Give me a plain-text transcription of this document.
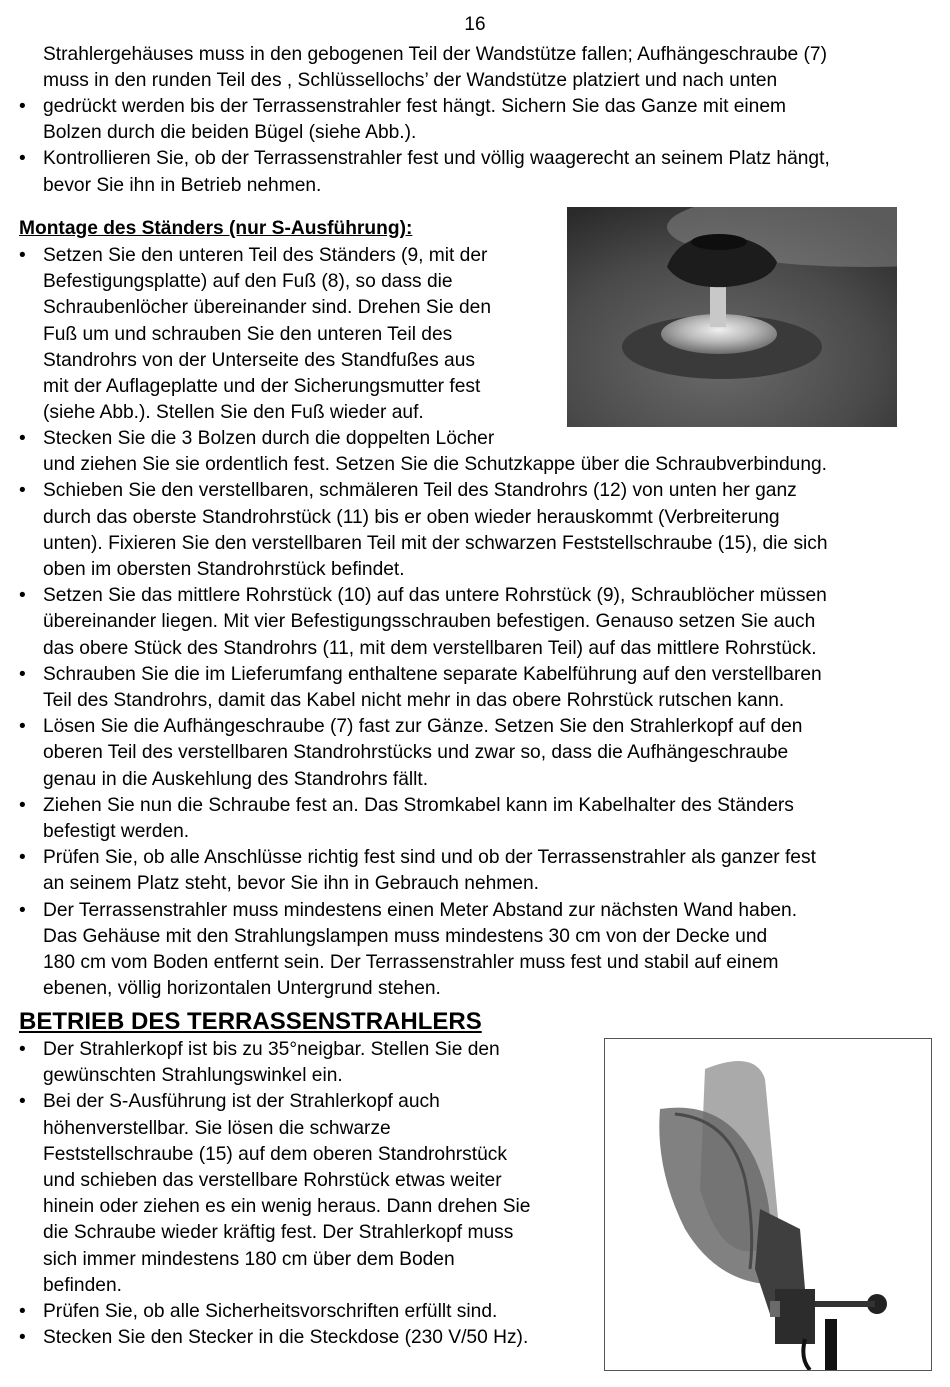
16
Strahlergehäuses muss in den gebogenen Teil der Wandstütze fallen; Aufhängeschraube (7)
muss in den runden Teil des , Schlüssellochs’ der Wandstütze platziert und nach unten
• gedrückt werden bis der Terrassenstrahler fest hängt. Sichern Sie das Ganze mit einem
Bolzen durch die beiden Bügel (siehe Abb.).
• Kontrollieren Sie, ob der Terrassenstrahler fest und völlig waagerecht an seinem Platz hängt,
bevor Sie ihn in Betrieb nehmen.
Montage des Ständers (nur S-Ausführung):
• Setzen Sie den unteren Teil des Ständers (9, mit der
Befestigungsplatte) auf den Fuß (8), so dass die
Schraubenlöcher übereinander sind. Drehen Sie den
Fuß um und schrauben Sie den unteren Teil des
Standrohrs von der Unterseite des Standfußes aus
mit der Auflageplatte und der Sicherungsmutter fest
(siehe Abb.). Stellen Sie den Fuß wieder auf.
• Stecken Sie die 3 Bolzen durch die doppelten Löcher
und ziehen Sie sie ordentlich fest. Setzen Sie die Schutzkappe über die Schraubverbindung.
• Schieben Sie den verstellbaren, schmäleren Teil des Standrohrs (12) von unten her ganz
durch das oberste Standrohrstück (11) bis er oben wieder herauskommt (Verbreiterung
unten). Fixieren Sie den verstellbaren Teil mit der schwarzen Feststellschraube (15), die sich
oben im obersten Standrohrstück befindet.
• Setzen Sie das mittlere Rohrstück (10) auf das untere Rohrstück (9), Schraublöcher müssen
übereinander liegen. Mit vier Befestigungsschrauben befestigen. Genauso setzen Sie auch
das obere Stück des Standrohrs (11, mit dem verstellbaren Teil) auf das mittlere Rohrstück.
• Schrauben Sie die im Lieferumfang enthaltene separate Kabelführung auf den verstellbaren
Teil des Standrohrs, damit das Kabel nicht mehr in das obere Rohrstück rutschen kann.
• Lösen Sie die Aufhängeschraube (7) fast zur Gänze. Setzen Sie den Strahlerkopf auf den
oberen Teil des verstellbaren Standrohrstücks und zwar so, dass die Aufhängeschraube
genau in die Auskehlung des Standrohrs fällt.
• Ziehen Sie nun die Schraube fest an. Das Stromkabel kann im Kabelhalter des Ständers
befestigt werden.
• Prüfen Sie, ob alle Anschlüsse richtig fest sind und ob der Terrassenstrahler als ganzer fest
an seinem Platz steht, bevor Sie ihn in Gebrauch nehmen.
• Der Terrassenstrahler muss mindestens einen Meter Abstand zur nächsten Wand haben.
Das Gehäuse mit den Strahlungslampen muss mindestens 30 cm von der Decke und
180 cm vom Boden entfernt sein. Der Terrassenstrahler muss fest und stabil auf einem
ebenen, völlig horizontalen Untergrund stehen.
BETRIEB DES TERRASSENSTRAHLERS
• Der Strahlerkopf ist bis zu 35°neigbar. Stellen Sie den
gewünschten Strahlungswinkel ein.
• Bei der S-Ausführung ist der Strahlerkopf auch
höhenverstellbar. Sie lösen die schwarze
Feststellschraube (15) auf dem oberen Standrohrstück
und schieben das verstellbare Rohrstück etwas weiter
hinein oder ziehen es ein wenig heraus. Dann drehen Sie
die Schraube wieder kräftig fest. Der Strahlerkopf muss
sich immer mindestens 180 cm über dem Boden
befinden.
• Prüfen Sie, ob alle Sicherheitsvorschriften erfüllt sind.
• Stecken Sie den Stecker in die Steckdose (230 V/50 Hz).
